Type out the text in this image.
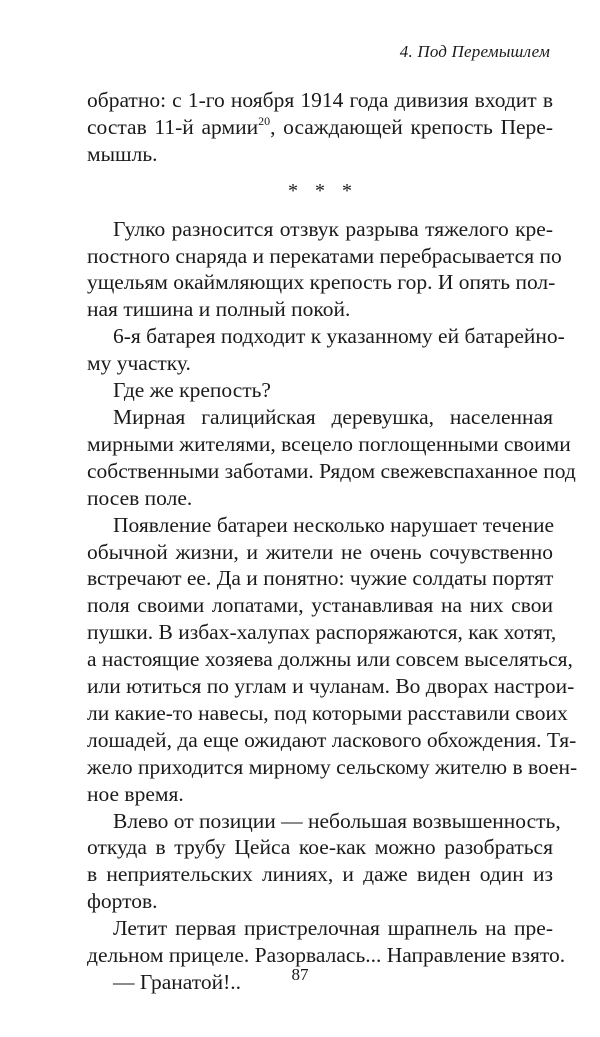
4. Под Перемышлем

обратно: с 1-го ноября 1914 года дивизия входит в
состав 11-й армии$^{20}$, осаждающей крепость Пере-
мышль.

* * *

Гулко разносится отзвук разрыва тяжелого кре-
постного снаряда и перекатами перебрасывается по
ущельям окаймляющих крепость гор. И опять пол-
ная тишина и полный покой.

6-я батарея подходит к указанному ей батарейно-
му участку.

Где же крепость?

Мирная галицийская деревушка, населенная
мирными жителями, всецело поглощенными своими
собственными заботами. Рядом свежевспаханное под
посев поле.

Появление батареи несколько нарушает течение
обычной жизни, и жители не очень сочувственно
встречают ее. Да и понятно: чужие солдаты портят
поля своими лопатами, устанавливая на них свои
пушки. В избах-халупах распоряжаются, как хотят,
а настоящие хозяева должны или совсем выселяться,
или ютиться по углам и чуланам. Во дворах настрои-
ли какие-то навесы, под которыми расставили своих
лошадей, да еще ожидают ласкового обхождения. Тя-
жело приходится мирному сельскому жителю в воен-
ное время.

Влево от позиции — небольшая возвышенность,
откуда в трубу Цейса кое-как можно разобраться
в неприятельских линиях, и даже виден один из
фортов.

Летит первая пристрелочная шрапнель на пре-
дельном прицеле. Разорвалась... Направление взято.

— Гранатой!..	87
